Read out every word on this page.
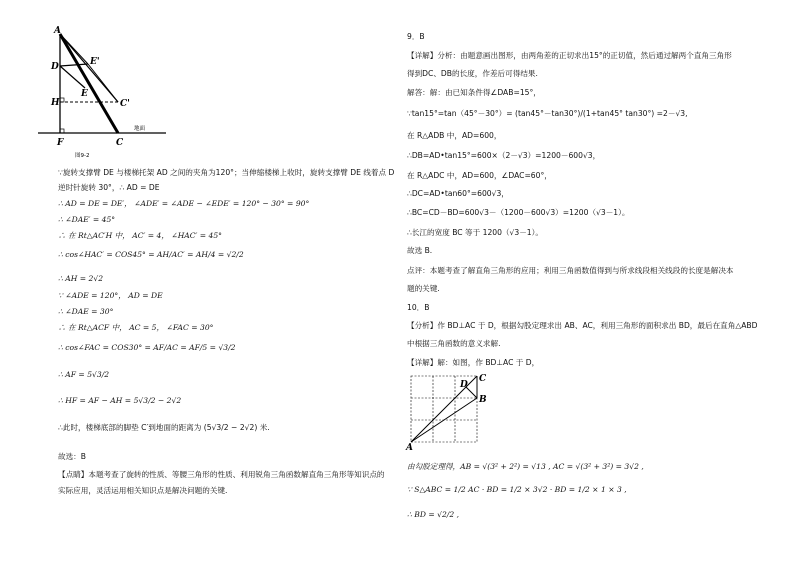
A
D	E'
H
E
C'
F	C
地面
图9-2
∵旋转支撑臂 DE 与楼梯托架 AD 之间的夹角为120°；当伸缩楼梯上收时，旋转支撑臂 DE 线着点 D
逆时针旋转 30°，∴ AD = DE
∴ AD = DE = DE′， ∠ADE′ = ∠ADE − ∠EDE′ = 120° − 30° = 90°
∴ ∠DAE′ = 45°
∴ 在 Rt△AC′H 中， AC′ = 4， ∠HAC′ = 45°
∴ cos∠HAC′ = COS45° = AH/AC′ = AH/4 = √2/2
∴ AH = 2√2
∵ ∠ADE = 120°， AD = DE
∴ ∠DAE = 30°
∴ 在 Rt△ACF 中， AC = 5， ∠FAC = 30°
∴ cos∠FAC = COS30° = AF/AC = AF/5 = √3/2
∴ AF = 5√3/2
∴ HF = AF − AH = 5√3/2 − 2√2
∴此时，楼梯底部的脚垫 C′到地面的距离为 (5√3/2 − 2√2) 米.
故选：B
【点睛】本题考查了旋转的性质、等腰三角形的性质、利用锐角三角函数解直角三角形等知识点的
实际应用，灵活运用相关知识点是解决问题的关键.
9．B
【详解】分析：由题意画出图形，由两角差的正切求出15°的正切值，然后通过解两个直角三角形
得到DC、DB的长度，作差后可得结果.
解答：解：由已知条件得∠DAB=15°，
∵tan15°=tan（45°－30°）= (tan45°－tan30°)/(1+tan45° tan30°) =2－√3,
在 R△ADB 中，AD=600，
∴DB=AD•tan15°=600×（2－√3）=1200－600√3，
在 R△ADC 中，AD=600，∠DAC=60°，
∴DC=AD•tan60°=600√3，
∴BC=CD－BD=600√3－（1200－600√3）=1200（√3－1）。
∴长江的宽度 BC 等于 1200（√3－1）。
故选 B.
点评：本题考查了解直角三角形的应用；利用三角函数值得到与所求线段相关线段的长度是解决本
题的关键.
10．B
【分析】作 BD⊥AC 于 D，根据勾股定理求出 AB、AC，利用三角形的面积求出 BD，最后在直角△ABD
中根据三角函数的意义求解.
【详解】解：如图，作 BD⊥AC 于 D，
A
B
C
D
由勾股定理得，AB = √(3² + 2²) = √13 , AC = √(3² + 3²) = 3√2 ,
∵ S△ABC = 1/2 AC · BD = 1/2 × 3√2 · BD = 1/2 × 1 × 3 ,
∴ BD = √2/2 ,
